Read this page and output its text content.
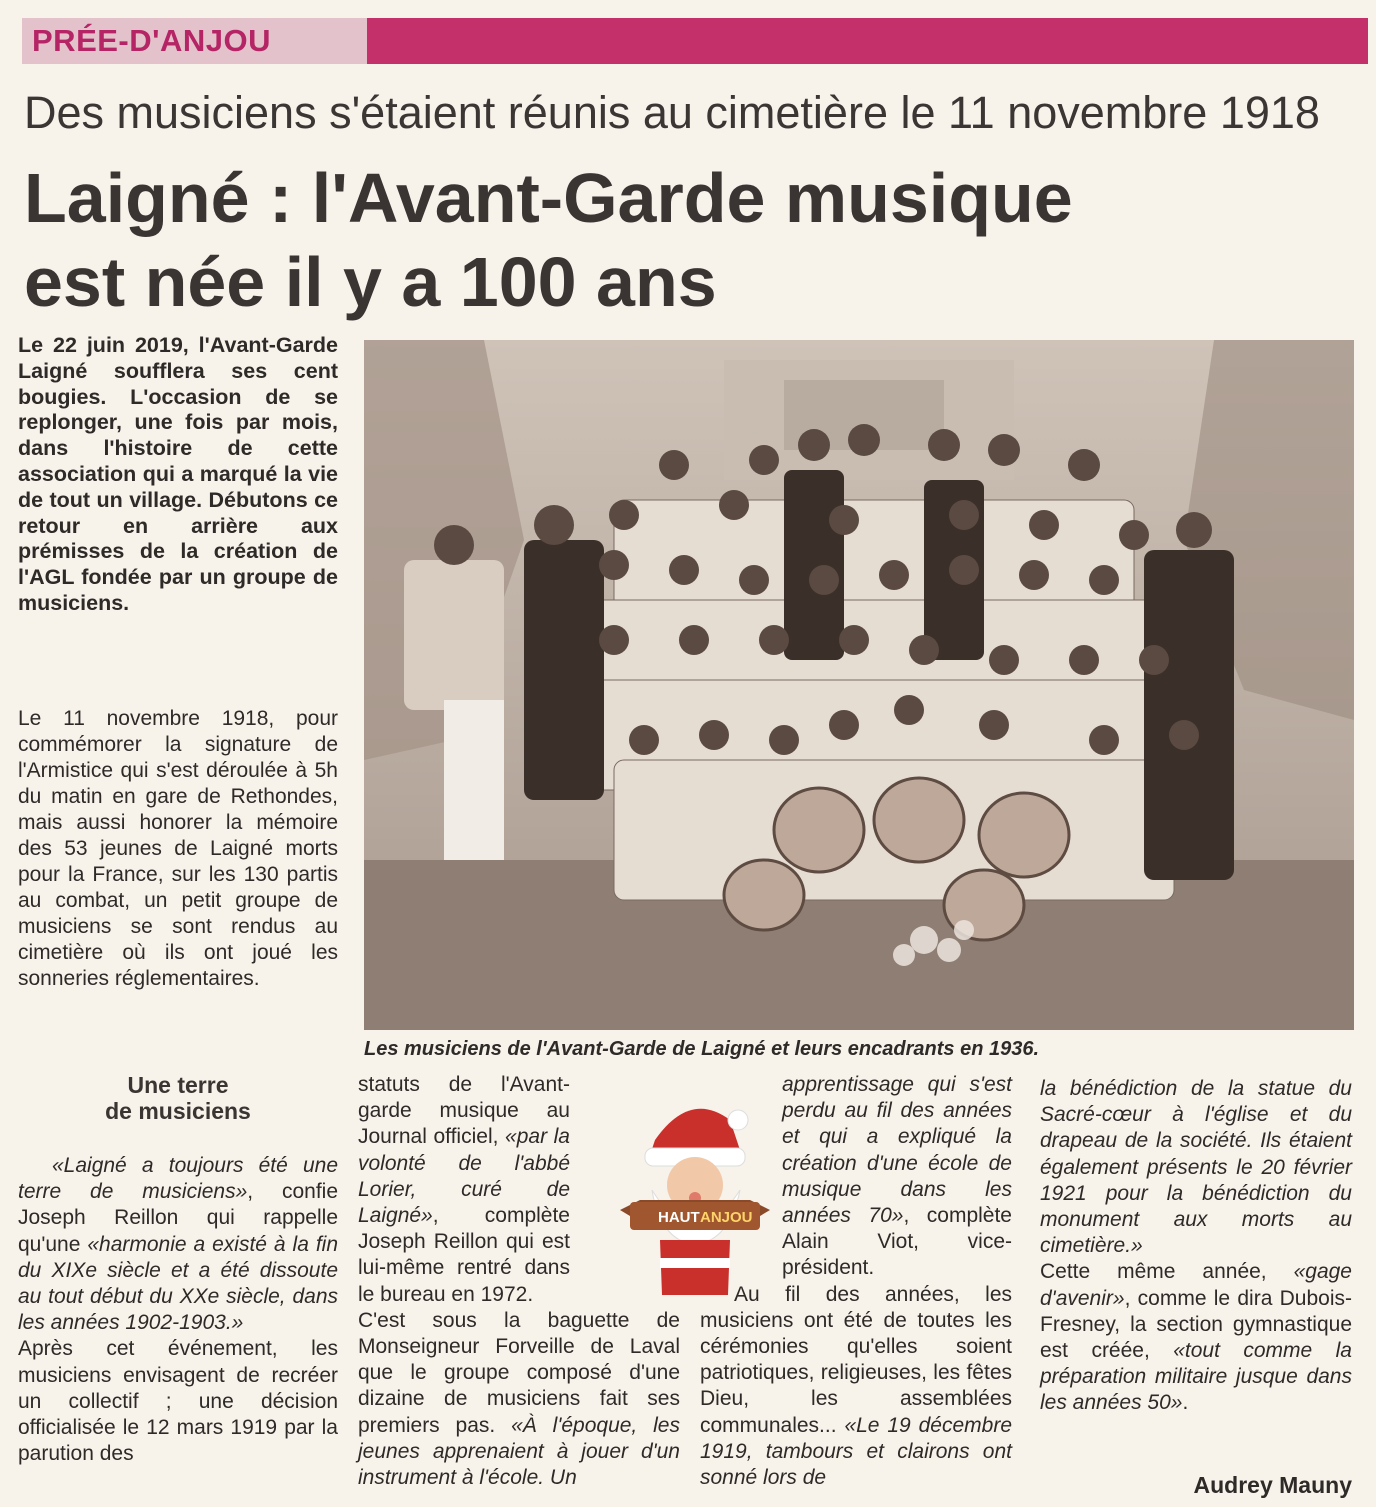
PRÉE-D'ANJOU
Des musiciens s'étaient réunis au cimetière le 11 novembre 1918
Laigné : l'Avant-Garde musique
est née il y a 100 ans
Le 22 juin 2019, l'Avant-Garde Laigné soufflera ses cent bougies. L'occasion de se replonger, une fois par mois, dans l'histoire de cette association qui a marqué la vie de tout un village. Débutons ce retour en arrière aux prémisses de la création de l'AGL fondée par un groupe de musiciens.
Le 11 novembre 1918, pour commémorer la signature de l'Armistice qui s'est déroulée à 5h du matin en gare de Rethondes, mais aussi honorer la mémoire des 53 jeunes de Laigné morts pour la France, sur les 130 partis au combat, un petit groupe de musiciens se sont rendus au cimetière où ils ont joué les sonneries réglementaires.
Les musiciens de l'Avant-Garde de Laigné et leurs encadrants en 1936.
Une terre
de musiciens

«Laigné a toujours été une terre de musiciens», confie Joseph Reillon qui rappelle qu'une «harmonie a existé à la fin du XIXe siècle et a été dissoute au tout début du XXe siècle, dans les années 1902-1903.»

Après cet événement, les musiciens envisagent de recréer un collectif ; une décision officialisée le 12 mars 1919 par la parution des

statuts de l'Avant-garde musique au Journal officiel, «par la volonté de l'abbé Lorier, curé de Laigné», complète Joseph Reillon qui est lui-même rentré dans le bureau en 1972.

C'est sous la baguette de Monseigneur Forveille de Laval que le groupe composé d'une dizaine de musiciens fait ses premiers pas. «À l'époque, les jeunes apprenaient à jouer d'un instrument à l'école. Un

apprentissage qui s'est perdu au fil des années et qui a expliqué la création d'une école de musique dans les années 70», complète Alain Viot, vice-président.

Au fil des années, les musiciens ont été de toutes les cérémonies qu'elles soient patriotiques, religieuses, les fêtes Dieu, les assemblées communales... «Le 19 décembre 1919, tambours et clairons ont sonné lors de

la bénédiction de la statue du Sacré-cœur à l'église et du drapeau de la société. Ils étaient également présents le 20 février 1921 pour la bénédiction du monument aux morts au cimetière.»

Cette même année, «gage d'avenir», comme le dira Dubois-Fresney, la section gymnastique est créée, «tout comme la préparation militaire jusque dans les années 50».

Audrey Mauny
HAUT ANJOU
